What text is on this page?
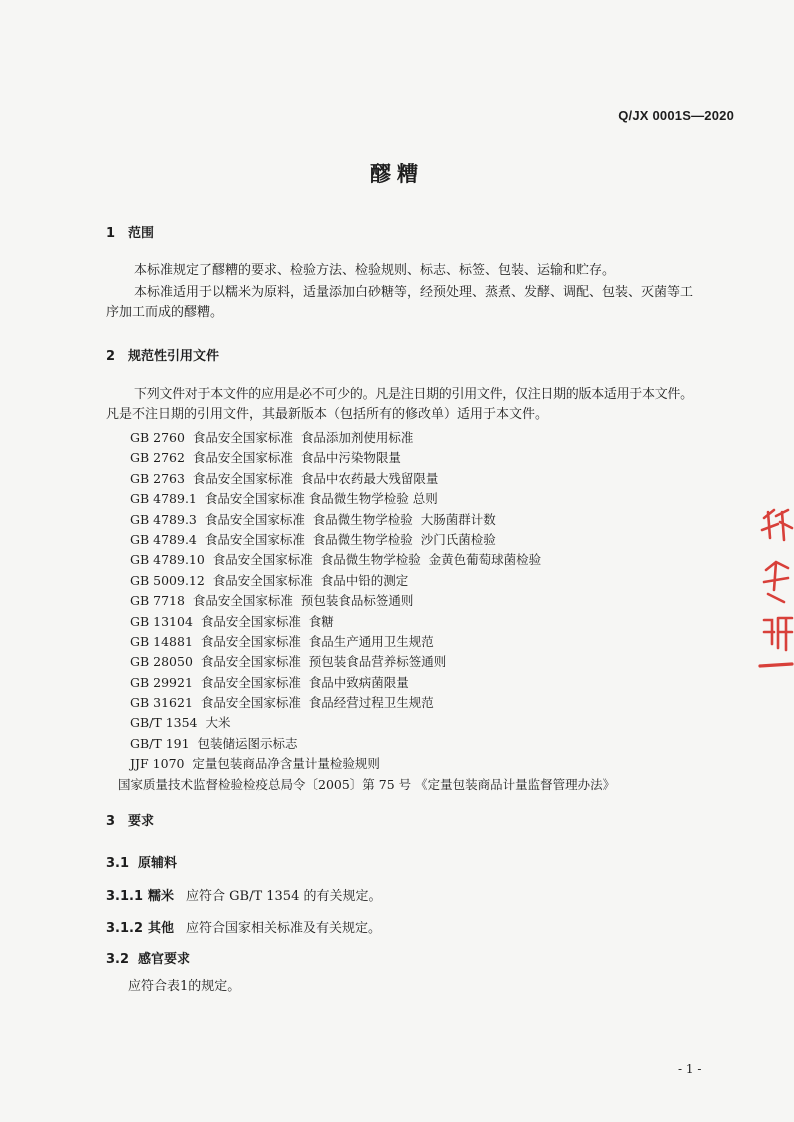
Q/JX 0001S—2020
醪糟
1 范围
本标准规定了醪糟的要求、检验方法、检验规则、标志、标签、包装、运输和贮存。
本标准适用于以糯米为原料，适量添加白砂糖等，经预处理、蒸煮、发酵、调配、包装、灭菌等工
序加工而成的醪糟。
2 规范性引用文件
下列文件对于本文件的应用是必不可少的。凡是注日期的引用文件，仅注日期的版本适用于本文件。
凡是不注日期的引用文件，其最新版本（包括所有的修改单）适用于本文件。
GB 2760  食品安全国家标准  食品添加剂使用标准
GB 2762  食品安全国家标准  食品中污染物限量
GB 2763  食品安全国家标准  食品中农药最大残留限量
GB 4789.1  食品安全国家标准 食品微生物学检验 总则
GB 4789.3  食品安全国家标准  食品微生物学检验  大肠菌群计数
GB 4789.4  食品安全国家标准  食品微生物学检验  沙门氏菌检验
GB 4789.10  食品安全国家标准  食品微生物学检验  金黄色葡萄球菌检验
GB 5009.12  食品安全国家标准  食品中铅的测定
GB 7718  食品安全国家标准  预包装食品标签通则
GB 13104  食品安全国家标准  食糖
GB 14881  食品安全国家标准  食品生产通用卫生规范
GB 28050  食品安全国家标准  预包装食品营养标签通则
GB 29921  食品安全国家标准  食品中致病菌限量
GB 31621  食品安全国家标准  食品经营过程卫生规范
GB/T 1354  大米
GB/T 191  包装储运图示标志
JJF 1070  定量包装商品净含量计量检验规则
国家质量技术监督检验检疫总局令〔2005〕第 75 号 《定量包装商品计量监督管理办法》
3 要求
3.1 原辅料
3.1.1 糯米 应符合 GB/T 1354 的有关规定。
3.1.2 其他 应符合国家相关标准及有关规定。
3.2 感官要求
应符合表1的规定。
- 1 -
